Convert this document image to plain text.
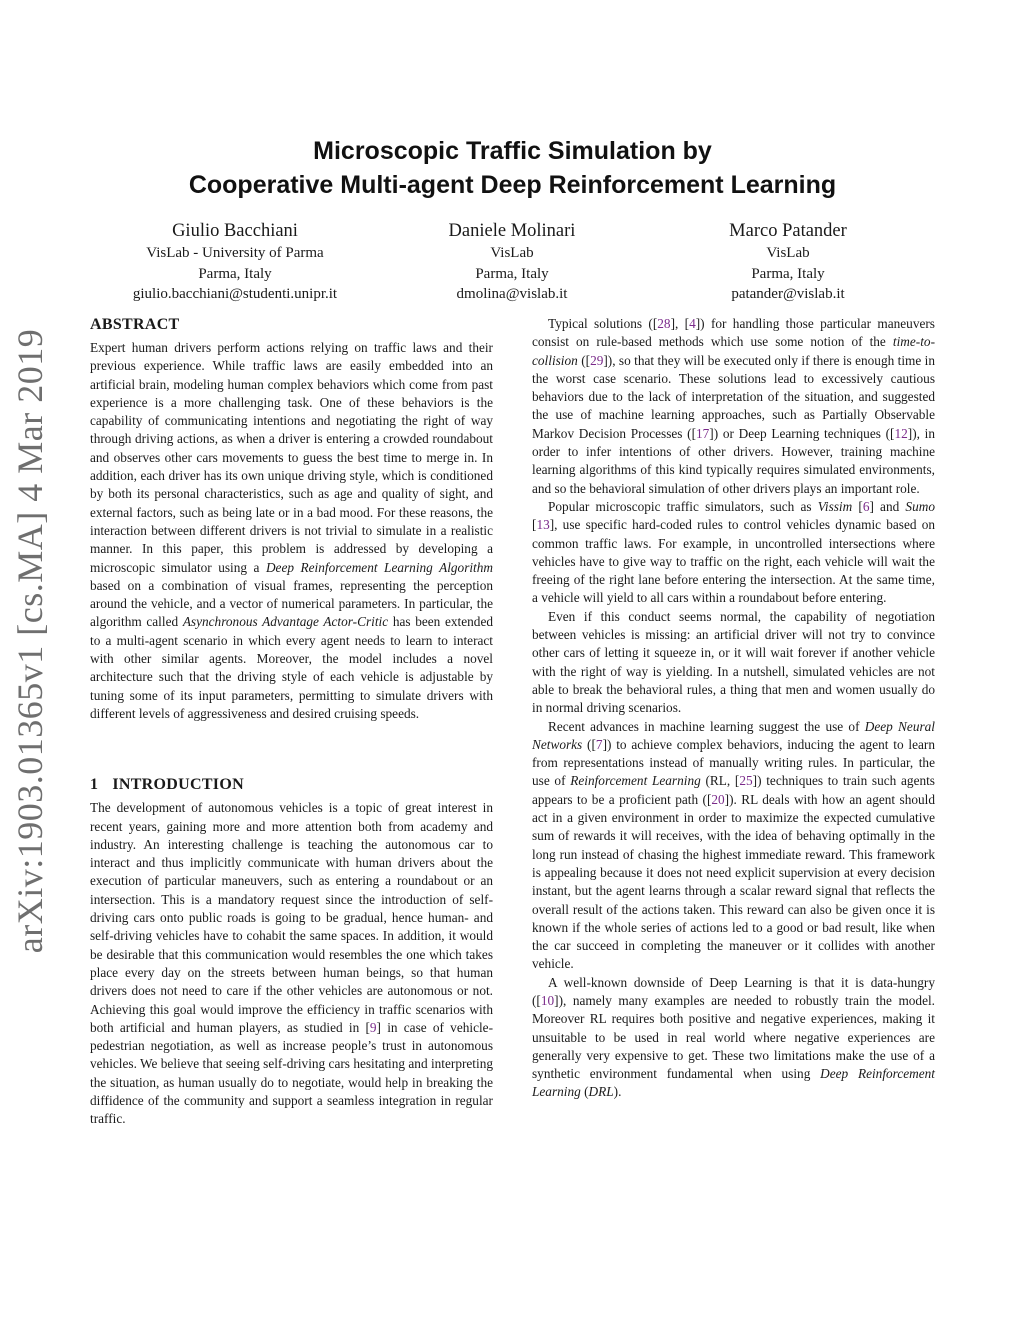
arXiv:1903.01365v1 [cs.MA] 4 Mar 2019
Microscopic Traffic Simulation by
Cooperative Multi-agent Deep Reinforcement Learning
Giulio Bacchiani
VisLab - University of Parma
Parma, Italy
giulio.bacchiani@studenti.unipr.it
Daniele Molinari
VisLab
Parma, Italy
dmolina@vislab.it
Marco Patander
VisLab
Parma, Italy
patander@vislab.it
ABSTRACT

Expert human drivers perform actions relying on traffic laws and their previous experience. While traffic laws are easily embedded into an artificial brain, modeling human complex behaviors which come from past experience is a more challenging task. One of these behaviors is the capability of communicating intentions and negotiating the right of way through driving actions, as when a driver is entering a crowded roundabout and observes other cars movements to guess the best time to merge in. In addition, each driver has its own unique driving style, which is conditioned by both its personal characteristics, such as age and quality of sight, and external factors, such as being late or in a bad mood. For these reasons, the interaction between different drivers is not trivial to simulate in a realistic manner. In this paper, this problem is addressed by developing a microscopic simulator using a Deep Reinforcement Learning Algorithm based on a combination of visual frames, representing the perception around the vehicle, and a vector of numerical parameters. In particular, the algorithm called Asynchronous Advantage Actor-Critic has been extended to a multi-agent scenario in which every agent needs to learn to interact with other similar agents. Moreover, the model includes a novel architecture such that the driving style of each vehicle is adjustable by tuning some of its input parameters, permitting to simulate drivers with different levels of aggressiveness and desired cruising speeds.

1 INTRODUCTION

The development of autonomous vehicles is a topic of great interest in recent years, gaining more and more attention both from academy and industry. An interesting challenge is teaching the autonomous car to interact and thus implicitly communicate with human drivers about the execution of particular maneuvers, such as entering a roundabout or an intersection. This is a mandatory request since the introduction of self-driving cars onto public roads is going to be gradual, hence human- and self-driving vehicles have to cohabit the same spaces. In addition, it would be desirable that this communication would resembles the one which takes place every day on the streets between human beings, so that human drivers does not need to care if the other vehicles are autonomous or not. Achieving this goal would improve the efficiency in traffic scenarios with both artificial and human players, as studied in [9] in case of vehicle-pedestrian negotiation, as well as increase people’s trust in autonomous vehicles. We believe that seeing self-driving cars hesitating and interpreting the situation, as human usually do to negotiate, would help in breaking the diffidence of the community and support a seamless integration in regular traffic.

Typical solutions ([28], [4]) for handling those particular maneuvers consist on rule-based methods which use some notion of the time-to-collision ([29]), so that they will be executed only if there is enough time in the worst case scenario. These solutions lead to excessively cautious behaviors due to the lack of interpretation of the situation, and suggested the use of machine learning approaches, such as Partially Observable Markov Decision Processes ([17]) or Deep Learning techniques ([12]), in order to infer intentions of other drivers. However, training machine learning algorithms of this kind typically requires simulated environments, and so the behavioral simulation of other drivers plays an important role.

Popular microscopic traffic simulators, such as Vissim [6] and Sumo [13], use specific hard-coded rules to control vehicles dynamic based on common traffic laws. For example, in uncontrolled intersections where vehicles have to give way to traffic on the right, each vehicle will wait the freeing of the right lane before entering the intersection. At the same time, a vehicle will yield to all cars within a roundabout before entering.

Even if this conduct seems normal, the capability of negotiation between vehicles is missing: an artificial driver will not try to convince other cars of letting it squeeze in, or it will wait forever if another vehicle with the right of way is yielding. In a nutshell, simulated vehicles are not able to break the behavioral rules, a thing that men and women usually do in normal driving scenarios.

Recent advances in machine learning suggest the use of Deep Neural Networks ([7]) to achieve complex behaviors, inducing the agent to learn from representations instead of manually writing rules. In particular, the use of Reinforcement Learning (RL, [25]) techniques to train such agents appears to be a proficient path ([20]). RL deals with how an agent should act in a given environment in order to maximize the expected cumulative sum of rewards it will receives, with the idea of behaving optimally in the long run instead of chasing the highest immediate reward. This framework is appealing because it does not need explicit supervision at every decision instant, but the agent learns through a scalar reward signal that reflects the overall result of the actions taken. This reward can also be given once it is known if the whole series of actions led to a good or bad result, like when the car succeed in completing the maneuver or it collides with another vehicle.

A well-known downside of Deep Learning is that it is data-hungry ([10]), namely many examples are needed to robustly train the model. Moreover RL requires both positive and negative experiences, making it unsuitable to be used in real world where negative experiences are generally very expensive to get. These two limitations make the use of a synthetic environment fundamental when using Deep Reinforcement Learning (DRL).
